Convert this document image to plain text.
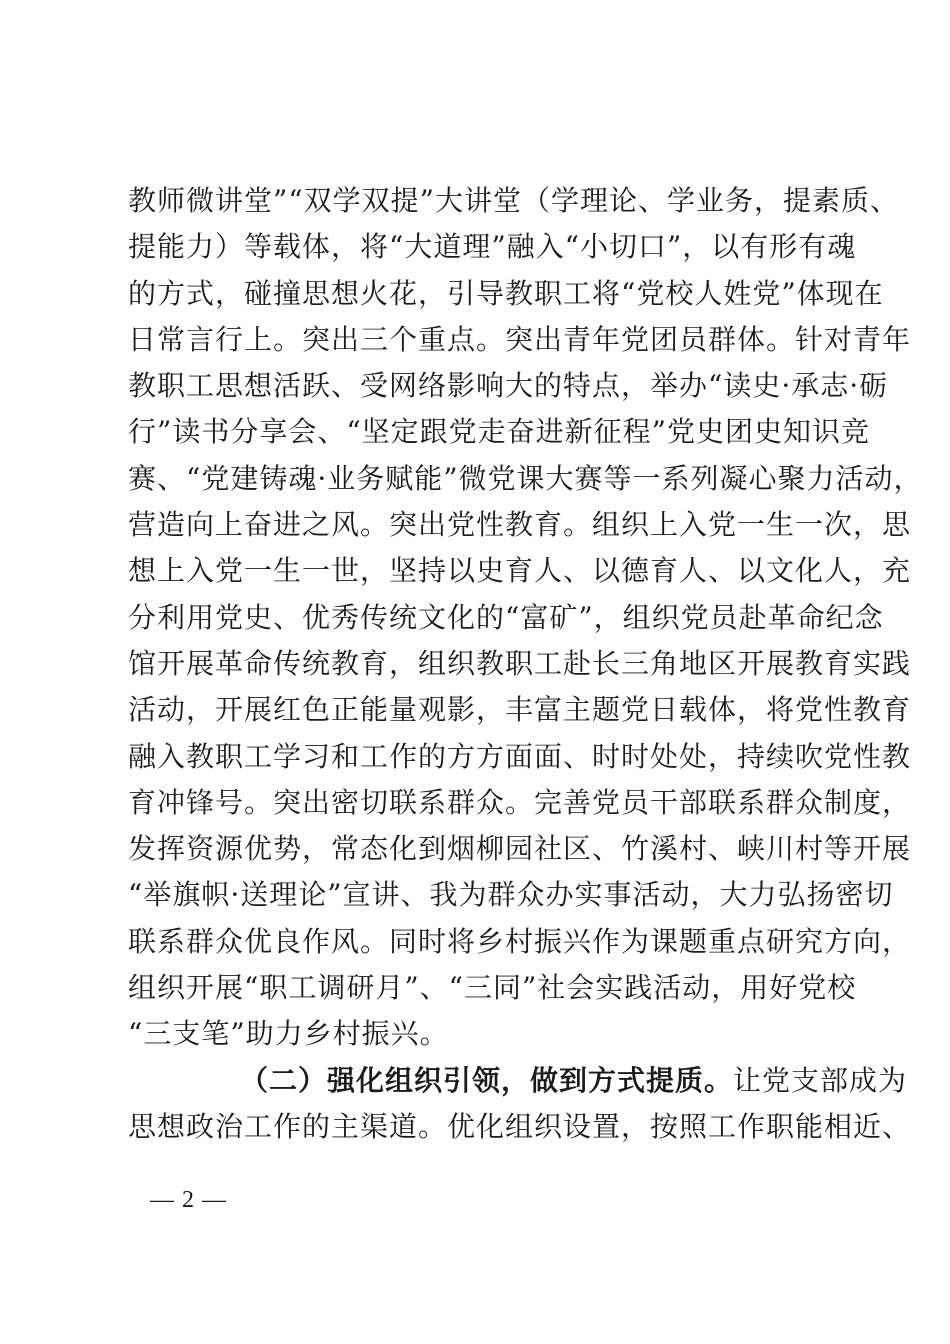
教师微讲堂”“双学双提”大讲堂（学理论、学业务，提素质、
提能力）等载体，将“大道理”融入“小切口”，以有形有魂
的方式，碰撞思想火花，引导教职工将“党校人姓党”体现在
日常言行上。突出三个重点。突出青年党团员群体。针对青年
教职工思想活跃、受网络影响大的特点，举办“读史·承志·砺
行”读书分享会、“坚定跟党走奋进新征程”党史团史知识竞
赛、“党建铸魂·业务赋能”微党课大赛等一系列凝心聚力活动，
营造向上奋进之风。突出党性教育。组织上入党一生一次，思
想上入党一生一世，坚持以史育人、以德育人、以文化人，充
分利用党史、优秀传统文化的“富矿”，组织党员赴革命纪念
馆开展革命传统教育，组织教职工赴长三角地区开展教育实践
活动，开展红色正能量观影，丰富主题党日载体，将党性教育
融入教职工学习和工作的方方面面、时时处处，持续吹党性教
育冲锋号。突出密切联系群众。完善党员干部联系群众制度，
发挥资源优势，常态化到烟柳园社区、竹溪村、峡川村等开展
“举旗帜·送理论”宣讲、我为群众办实事活动，大力弘扬密切
联系群众优良作风。同时将乡村振兴作为课题重点研究方向，
组织开展“职工调研月”、“三同”社会实践活动，用好党校
“三支笔”助力乡村振兴。
（二）强化组织引领，做到方式提质。让党支部成为
思想政治工作的主渠道。优化组织设置，按照工作职能相近、
— 2 —
